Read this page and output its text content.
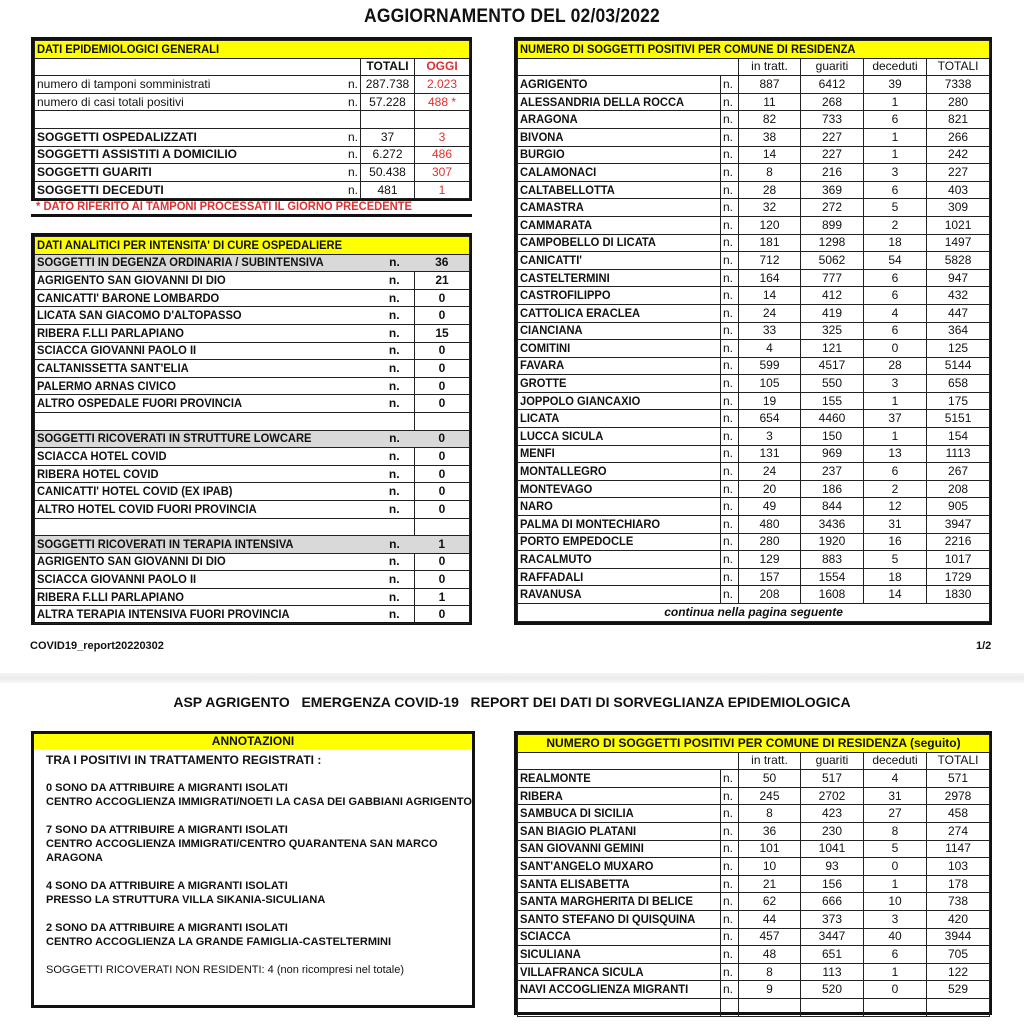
AGGIORNAMENTO DEL 02/03/2022
DATI EPIDEMIOLOGICI GENERALI			
		TOTALI	OGGI
numero di tamponi somministrati	n.	287.738	2.023
numero di casi totali positivi	n.	57.228	488 *

SOGGETTI OSPEDALIZZATI	n.	37	3
SOGGETTI ASSISTITI A DOMICILIO	n.	6.272	486
SOGGETTI GUARITI	n.	50.438	307
SOGGETTI DECEDUTI	n.	481	1
* DATO RIFERITO AI TAMPONI PROCESSATI IL GIORNO PRECEDENTE
DATI ANALITICI PER INTENSITA' DI CURE OSPEDALIERE		
SOGGETTI IN DEGENZA ORDINARIA / SUBINTENSIVA	n.	36
AGRIGENTO SAN GIOVANNI DI DIO	n.	21
CANICATTI' BARONE LOMBARDO	n.	0
LICATA SAN GIACOMO D'ALTOPASSO	n.	0
RIBERA F.LLI PARLAPIANO	n.	15
SCIACCA GIOVANNI PAOLO II	n.	0
CALTANISSETTA SANT'ELIA	n.	0
PALERMO ARNAS CIVICO	n.	0
ALTRO OSPEDALE FUORI PROVINCIA	n.	0

SOGGETTI RICOVERATI IN STRUTTURE LOWCARE	n.	0
SCIACCA HOTEL COVID	n.	0
RIBERA HOTEL COVID	n.	0
CANICATTI' HOTEL COVID (EX IPAB)	n.	0
ALTRO HOTEL COVID FUORI PROVINCIA	n.	0

SOGGETTI RICOVERATI IN TERAPIA INTENSIVA	n.	1
AGRIGENTO SAN GIOVANNI DI DIO	n.	0
SCIACCA GIOVANNI PAOLO II	n.	0
RIBERA F.LLI PARLAPIANO	n.	1
ALTRA TERAPIA INTENSIVA FUORI PROVINCIA	n.	0
NUMERO DI SOGGETTI POSITIVI PER COMUNE DI RESIDENZA					
		in tratt.	guariti	deceduti	TOTALI
AGRIGENTO	n.	887	6412	39	7338
ALESSANDRIA DELLA ROCCA	n.	11	268	1	280
ARAGONA	n.	82	733	6	821
BIVONA	n.	38	227	1	266
BURGIO	n.	14	227	1	242
CALAMONACI	n.	8	216	3	227
CALTABELLOTTA	n.	28	369	6	403
CAMASTRA	n.	32	272	5	309
CAMMARATA	n.	120	899	2	1021
CAMPOBELLO DI LICATA	n.	181	1298	18	1497
CANICATTI'	n.	712	5062	54	5828
CASTELTERMINI	n.	164	777	6	947
CASTROFILIPPO	n.	14	412	6	432
CATTOLICA ERACLEA	n.	24	419	4	447
CIANCIANA	n.	33	325	6	364
COMITINI	n.	4	121	0	125
FAVARA	n.	599	4517	28	5144
GROTTE	n.	105	550	3	658
JOPPOLO GIANCAXIO	n.	19	155	1	175
LICATA	n.	654	4460	37	5151
LUCCA SICULA	n.	3	150	1	154
MENFI	n.	131	969	13	1113
MONTALLEGRO	n.	24	237	6	267
MONTEVAGO	n.	20	186	2	208
NARO	n.	49	844	12	905
PALMA DI MONTECHIARO	n.	480	3436	31	3947
PORTO EMPEDOCLE	n.	280	1920	16	2216
RACALMUTO	n.	129	883	5	1017
RAFFADALI	n.	157	1554	18	1729
RAVANUSA	n.	208	1608	14	1830
continua nella pagina seguente					
COVID19_report20220302	1/2
ASP AGRIGENTO   EMERGENZA COVID-19   REPORT DEI DATI DI SORVEGLIANZA EPIDEMIOLOGICA
ANNOTAZIONI
TRA I POSITIVI IN TRATTAMENTO REGISTRATI :
0 SONO DA ATTRIBUIRE A MIGRANTI ISOLATI
CENTRO ACCOGLIENZA IMMIGRATI/NOETI LA CASA DEI GABBIANI AGRIGENTO
7 SONO DA ATTRIBUIRE A MIGRANTI ISOLATI
CENTRO ACCOGLIENZA IMMIGRATI/CENTRO QUARANTENA SAN MARCO
ARAGONA
4 SONO DA ATTRIBUIRE A MIGRANTI ISOLATI
PRESSO LA STRUTTURA VILLA SIKANIA-SICULIANA
2 SONO DA ATTRIBUIRE A MIGRANTI ISOLATI
CENTRO ACCOGLIENZA LA GRANDE FAMIGLIA-CASTELTERMINI
SOGGETTI RICOVERATI NON RESIDENTI: 4 (non ricompresi nel totale)
NUMERO DI SOGGETTI POSITIVI PER COMUNE DI RESIDENZA (seguito)					
		in tratt.	guariti	deceduti	TOTALI
REALMONTE	n.	50	517	4	571
RIBERA	n.	245	2702	31	2978
SAMBUCA DI SICILIA	n.	8	423	27	458
SAN BIAGIO PLATANI	n.	36	230	8	274
SAN GIOVANNI GEMINI	n.	101	1041	5	1147
SANT'ANGELO MUXARO	n.	10	93	0	103
SANTA ELISABETTA	n.	21	156	1	178
SANTA MARGHERITA DI BELICE	n.	62	666	10	738
SANTO STEFANO DI QUISQUINA	n.	44	373	3	420
SCIACCA	n.	457	3447	40	3944
SICULIANA	n.	48	651	6	705
VILLAFRANCA SICULA	n.	8	113	1	122
NAVI ACCOGLIENZA MIGRANTI	n.	9	520	0	529
